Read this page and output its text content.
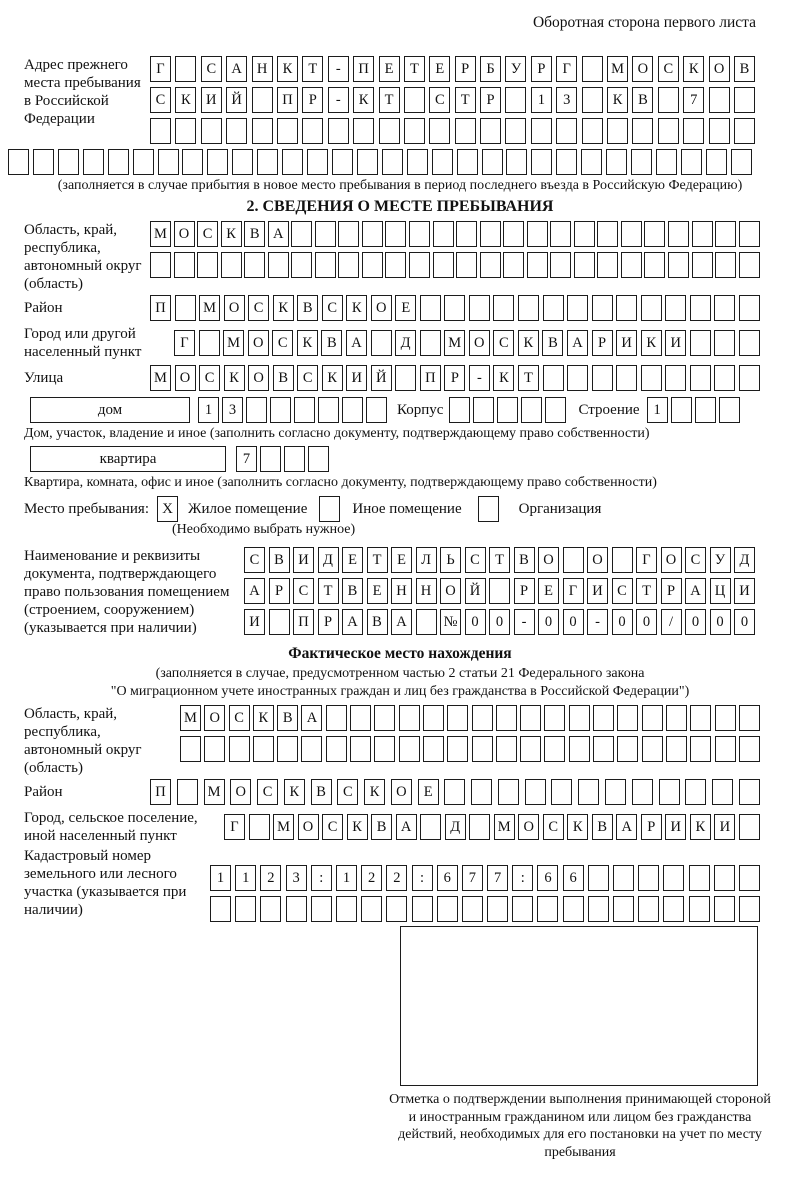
Оборотная сторона первого листа
Адрес прежнего места пребывания в Российской Федерации
Г	С	А	Н	К	Т	-	П	Е	Т	Е	Р	Б	У	Р	Г	М О	С	К	О	В
С	К	И	Й	П	Р	-	К	Т	С	Т	Р	1	3	К	В	7
(заполняется в случае прибытия в новое место пребывания в период последнего въезда в Российскую Федерацию)
2. СВЕДЕНИЯ О МЕСТЕ ПРЕБЫВАНИЯ
Область, край, республика, автономный округ (область)
М О С К В А
Район	П	М О С	К	В	С	К О	Е
Город или другой населенный пункт
Г	М О С	К	В А	Д	М О С	К	В А	Р	И К И
Улица	М О С	К О В	С	К И Й	П	Р	-	К	Т
дом	1	3	Корпус	Строение 1
Дом, участок, владение и иное (заполнить согласно документу, подтверждающему право собственности)
квартира	7
Квартира, комната, офис и иное (заполнить согласно документу, подтверждающему право собственности)
Место пребывания: X	Жилое помещение	Иное помещение	Организация
(Необходимо выбрать нужное)
Наименование и реквизиты документа, подтверждающего право пользования помещением (строением, сооружением) (указывается при наличии)
С	В И Д	Е	Т	Е	Л	Ь	С	Т	В О	О	Г	О С	У Д
А	Р	С	Т	В	Е	Н Н О Й	Р	Е	Г	И С	Т	Р	А Ц И
И	П	Р	А В А	№ 0	0	-	0	0	-	0	0	/	0	0	0
Фактическое место нахождения
(заполняется в случае, предусмотренном частью 2 статьи 21 Федерального закона
"О миграционном учете иностранных граждан и лиц без гражданства в Российской Федерации")
Область, край, республика, автономный округ (область)
М О С	К	В А
Район	П	М	О	С	К	В	С	К	О	Е
Город, сельское поселение, иной населенный пункт
Г	М О С	К	В А	Д	М О С	К	В А	Р	И К И
Кадастровый номер земельного или лесного участка (указывается при наличии)
1	1	2	3	:	1	2	2	:	6	7	7	:	6	6
Отметка о подтверждении выполнения принимающей стороной и иностранным гражданином или лицом без гражданства действий, необходимых для его постановки на учет по месту пребывания
